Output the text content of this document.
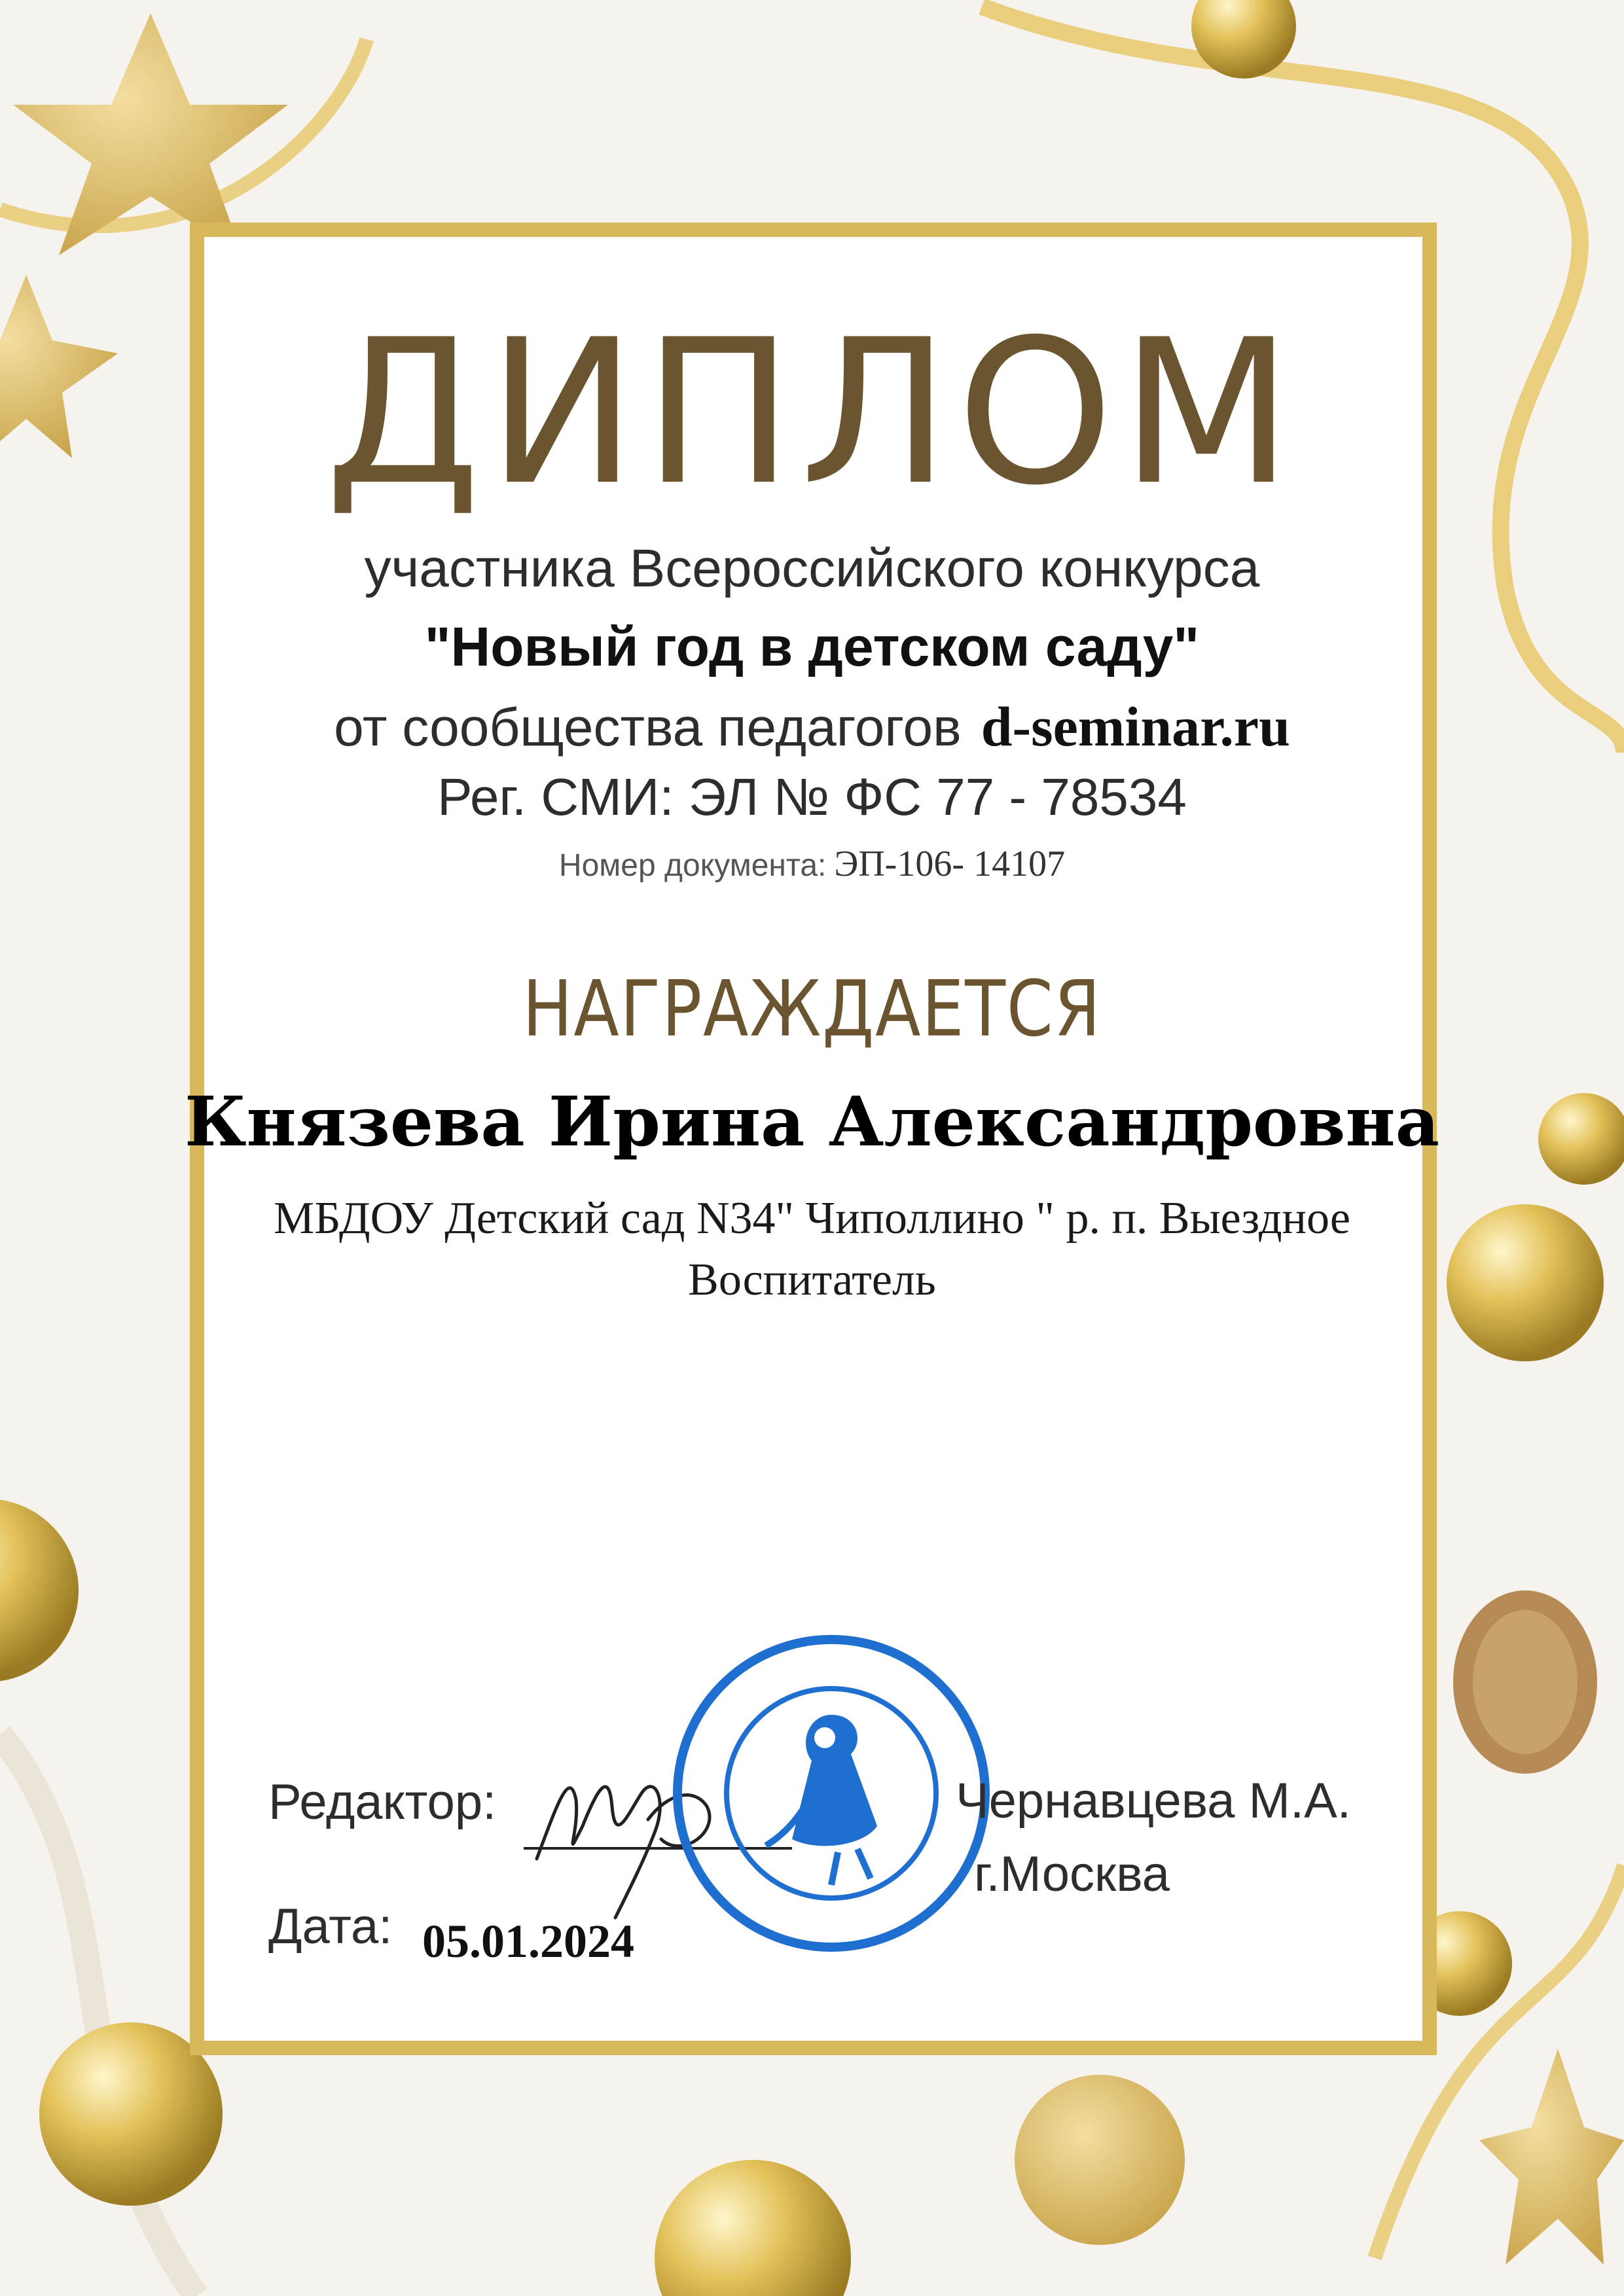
ДИПЛОМ
участника Всероссийского конкурса
"Новый год в детском саду"
от сообщества педагогов d-seminar.ru
Рег. СМИ: ЭЛ № ФС 77 - 78534
Номер документа: ЭП-106- 14107
НАГРАЖДАЕТСЯ
Князева Ирина Александровна
МБДОУ Детский сад N34" Чиполлино " р. п. Выездное
Воспитатель
Редактор:	Чернавцева М.А.
г.Москва
Дата: 05.01.2024
